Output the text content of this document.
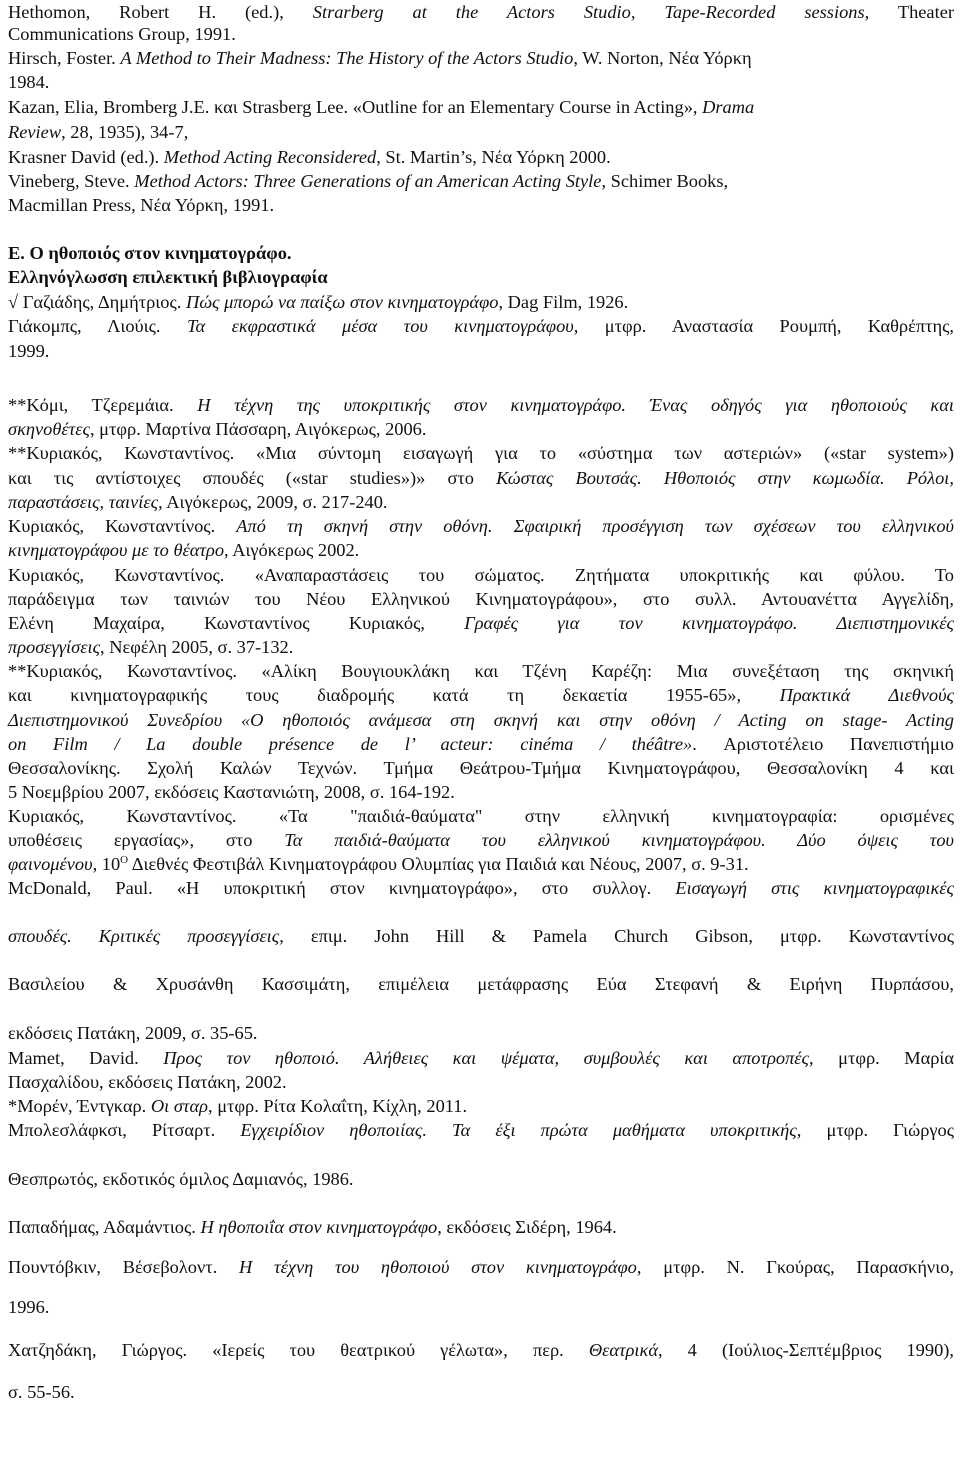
Hethomon, Robert H. (ed.), Strarberg at the Actors Studio, Tape-Recorded sessions, Theater
Communications Group, 1991.
Hirsch, Foster. A Method to Their Madness: The History of the Actors Studio, W. Norton, Νέα Υόρκη
1984.
Kazan, Elia, Bromberg J.E. και Strasberg Lee. «Outline for an Elementary Course in Acting», Drama
Review, 28, 1935), 34-7,
Krasner David (ed.). Method Acting Reconsidered, St. Martin’s, Νέα Υόρκη 2000.
Vineberg, Steve. Method Actors: Three Generations of an American Acting Style, Schimer Books,
Macmillan Press, Νέα Υόρκη, 1991.
Ε. Ο ηθοποιός στον κινηματογράφο.
Ελληνόγλωσση επιλεκτική βιβλιογραφία
√ Γαζιάδης, Δημήτριος. Πώς μπορώ να παίξω στον κινηματογράφο, Dag Film, 1926.
Γιάκομπς, Λιούις. Τα εκφραστικά μέσα του κινηματογράφου, μτφρ. Αναστασία Ρουμπή, Καθρέπτης,
1999.
**Κόμι, Τζερεμάια. Η τέχνη της υποκριτικής στον κινηματογράφο. Ένας οδηγός για ηθοποιούς και
σκηνοθέτες, μτφρ. Μαρτίνα Πάσσαρη, Αιγόκερως, 2006.
**Κυριακός, Κωνσταντίνος. «Μια σύντομη εισαγωγή για το «σύστημα των αστεριών» («star system»)
και τις αντίστοιχες σπουδές («star studies»)» στο Κώστας Βουτσάς. Ηθοποιός στην κωμωδία. Ρόλοι,
παραστάσεις, ταινίες, Αιγόκερως, 2009, σ. 217-240.
Κυριακός, Κωνσταντίνος. Από τη σκηνή στην οθόνη. Σφαιρική προσέγγιση των σχέσεων του ελληνικού
κινηματογράφου με το θέατρο, Αιγόκερως 2002.
Κυριακός, Κωνσταντίνος. «Αναπαραστάσεις του σώματος. Ζητήματα υποκριτικής και φύλου. Το
παράδειγμα των ταινιών του Νέου Ελληνικού Κινηματογράφου», στο συλλ. Αντουανέττα Αγγελίδη,
Ελένη Μαχαίρα, Κωνσταντίνος Κυριακός, Γραφές για τον κινηματογράφο. Διεπιστημονικές
προσεγγίσεις, Νεφέλη 2005, σ. 37-132.
**Κυριακός, Κωνσταντίνος. «Αλίκη Βουγιουκλάκη και Τζένη Καρέζη: Μια συνεξέταση της σκηνική
και κινηματογραφικής τους διαδρομής κατά τη δεκαετία 1955-65», Πρακτικά Διεθνούς
Διεπιστημονικού Συνεδρίου «Ο ηθοποιός ανάμεσα στη σκηνή και στην οθόνη / Acting on stage- Acting
on Film / La double présence de l’ acteur: cinéma / théâtre». Αριστοτέλειο Πανεπιστήμιο
Θεσσαλονίκης. Σχολή Καλών Τεχνών. Τμήμα Θεάτρου-Τμήμα Κινηματογράφου, Θεσσαλονίκη 4 και
5 Νοεμβρίου 2007, εκδόσεις Καστανιώτη, 2008, σ. 164-192.
Κυριακός, Κωνσταντίνος. «Τα "παιδιά-θαύματα" στην ελληνική κινηματογραφία: ορισμένες
υποθέσεις εργασίας», στο Τα παιδιά-θαύματα του ελληνικού κινηματογράφου. Δύο όψεις του
φαινομένου, $10^O$ Διεθνές Φεστιβάλ Κινηματογράφου Ολυμπίας για Παιδιά και Νέους, 2007, σ. 9-31.
McDonald, Paul. «Η υποκριτική στον κινηματογράφο», στο συλλογ. Εισαγωγή στις κινηματογραφικές
σπουδές. Κριτικές προσεγγίσεις, επιμ. John Hill & Pamela Church Gibson, μτφρ. Κωνσταντίνος
Βασιλείου & Χρυσάνθη Κασσιμάτη, επιμέλεια μετάφρασης Εύα Στεφανή & Ειρήνη Πυρπάσου,
εκδόσεις Πατάκη, 2009, σ. 35-65.
Mamet, David. Προς τον ηθοποιό. Αλήθειες και ψέματα, συμβουλές και αποτροπές, μτφρ. Μαρία
Πασχαλίδου, εκδόσεις Πατάκη, 2002.
*Μορέν, Έντγκαρ. Οι σταρ, μτφρ. Ρίτα Κολαΐτη, Κίχλη, 2011.
Μπολεσλάφκσι, Ρίτσαρτ. Εγχειρίδιον ηθοποιίας. Τα έξι πρώτα μαθήματα υποκριτικής, μτφρ. Γιώργος
Θεσπρωτός, εκδοτικός όμιλος Δαμιανός, 1986.
Παπαδήμας, Αδαμάντιος. Η ηθοποιΐα στον κινηματογράφο, εκδόσεις Σιδέρη, 1964.
Πουντόβκιν, Βέσεβολοντ. Η τέχνη του ηθοποιού στον κινηματογράφο, μτφρ. Ν. Γκούρας, Παρασκήνιο,
1996.
Χατζηδάκη, Γιώργος. «Ιερείς του θεατρικού γέλωτα», περ. Θεατρικά, 4 (Ιούλιος-Σεπτέμβριος 1990),
σ. 55-56.
